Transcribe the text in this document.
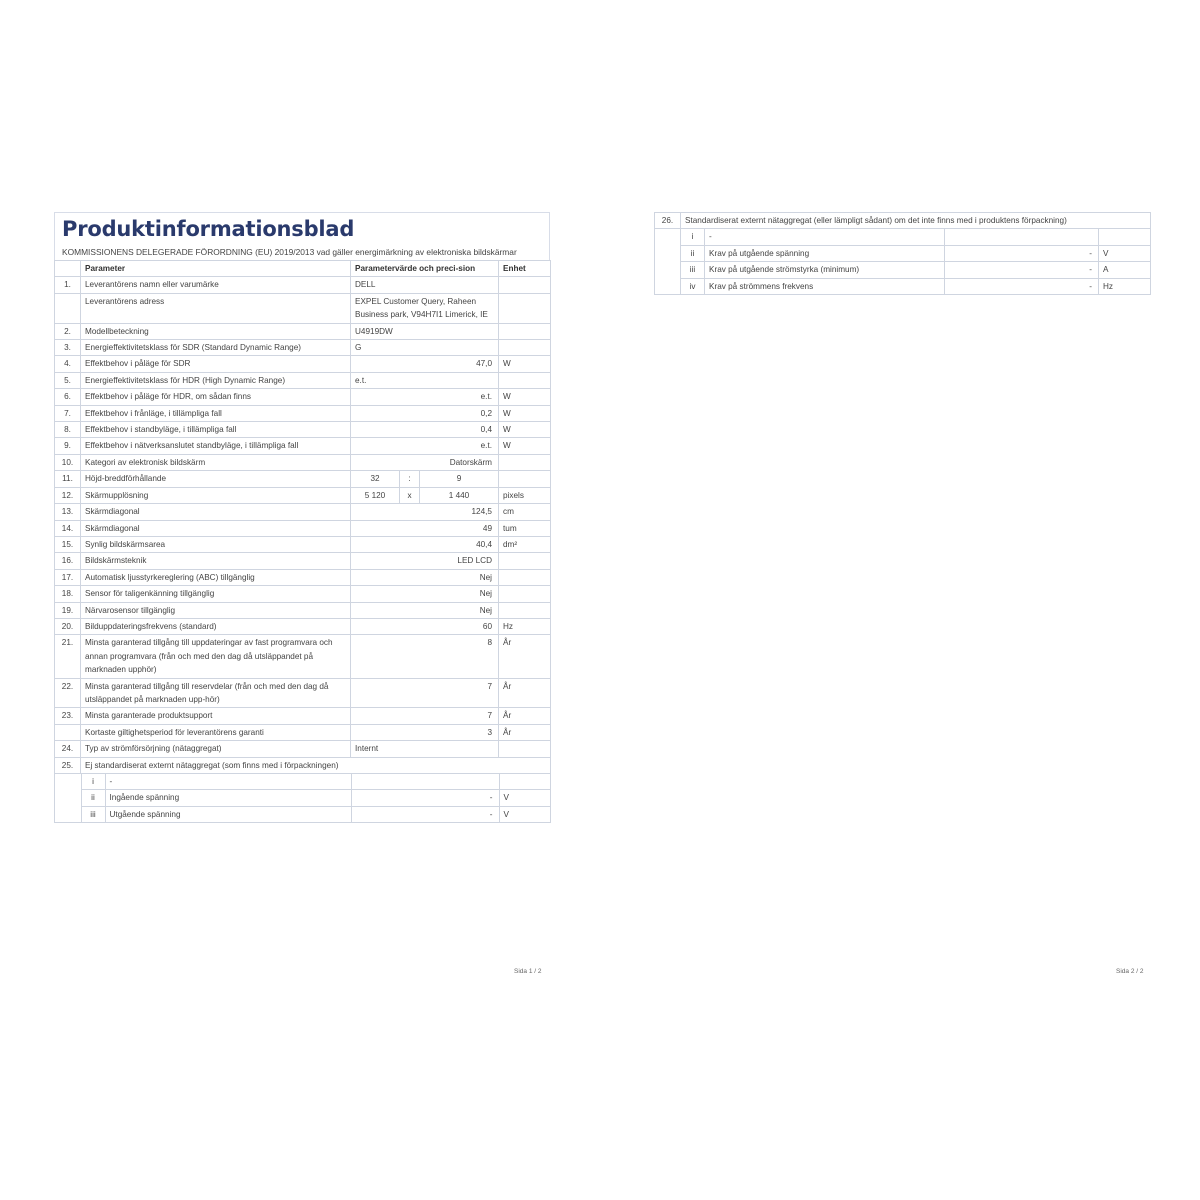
Produktinformationsblad
KOMMISSIONENS DELEGERADE FÖRORDNING (EU) 2019/2013 vad gäller energimärkning av elektroniska bildskärmar
	Parameter	Parametervärde och preci-sion	Enhet
1.	Leverantörens namn eller varumärke	DELL	
	Leverantörens adress	EXPEL Customer Query, Raheen Business park, V94H7I1 Limerick, IE	
2.	Modellbeteckning	U4919DW	
3.	Energieffektivitetsklass för SDR (Standard Dynamic Range)	G	
4.	Effektbehov i påläge för SDR	47,0	W
5.	Energieffektivitetsklass för HDR (High Dynamic Range)	e.t.	
6.	Effektbehov i påläge för HDR, om sådan finns	e.t.	W
7.	Effektbehov i frånläge, i tillämpliga fall	0,2	W
8.	Effektbehov i standbyläge, i tillämpliga fall	0,4	W
9.	Effektbehov i nätverksanslutet standbyläge, i tillämpliga fall	e.t.	W
10.	Kategori av elektronisk bildskärm	Datorskärm	
11.	Höjd-breddförhållande	32	:	9	
12.	Skärmupplösning	5 120	x	1 440	pixels
13.	Skärmdiagonal	124,5	cm
14.	Skärmdiagonal	49	tum
15.	Synlig bildskärmsarea	40,4	dm²
16.	Bildskärmsteknik	LED LCD	
17.	Automatisk ljusstyrkereglering (ABC) tillgänglig	Nej	
18.	Sensor för taligenkänning tillgänglig	Nej	
19.	Närvarosensor tillgänglig	Nej	
20.	Bilduppdateringsfrekvens (standard)	60	Hz
21.	Minsta garanterad tillgång till uppdateringar av fast programvara och annan programvara (från och med den dag då utsläppandet på marknaden upphör)	8	År
22.	Minsta garanterad tillgång till reservdelar (från och med den dag då utsläppandet på marknaden upp-hör)	7	År
23.	Minsta garanterade produktsupport	7	År
	Kortaste giltighetsperiod för leverantörens garanti	3	År
24.	Typ av strömförsörjning (nätaggregat)	Internt	
25.	Ej standardiserat externt nätaggregat (som finns med i förpackningen)

	i	-		
	ii	Ingående spänning	-	V
	iii	Utgående spänning	-	V
Sida 1 / 2
26.	Standardiserat externt nätaggregat (eller lämpligt sådant) om det inte finns med i produktens förpackning)			
	i	-		
	ii	Krav på utgående spänning	-	V
	iii	Krav på utgående strömstyrka (minimum)	-	A
	iv	Krav på strömmens frekvens	-	Hz
Sida 2 / 2
